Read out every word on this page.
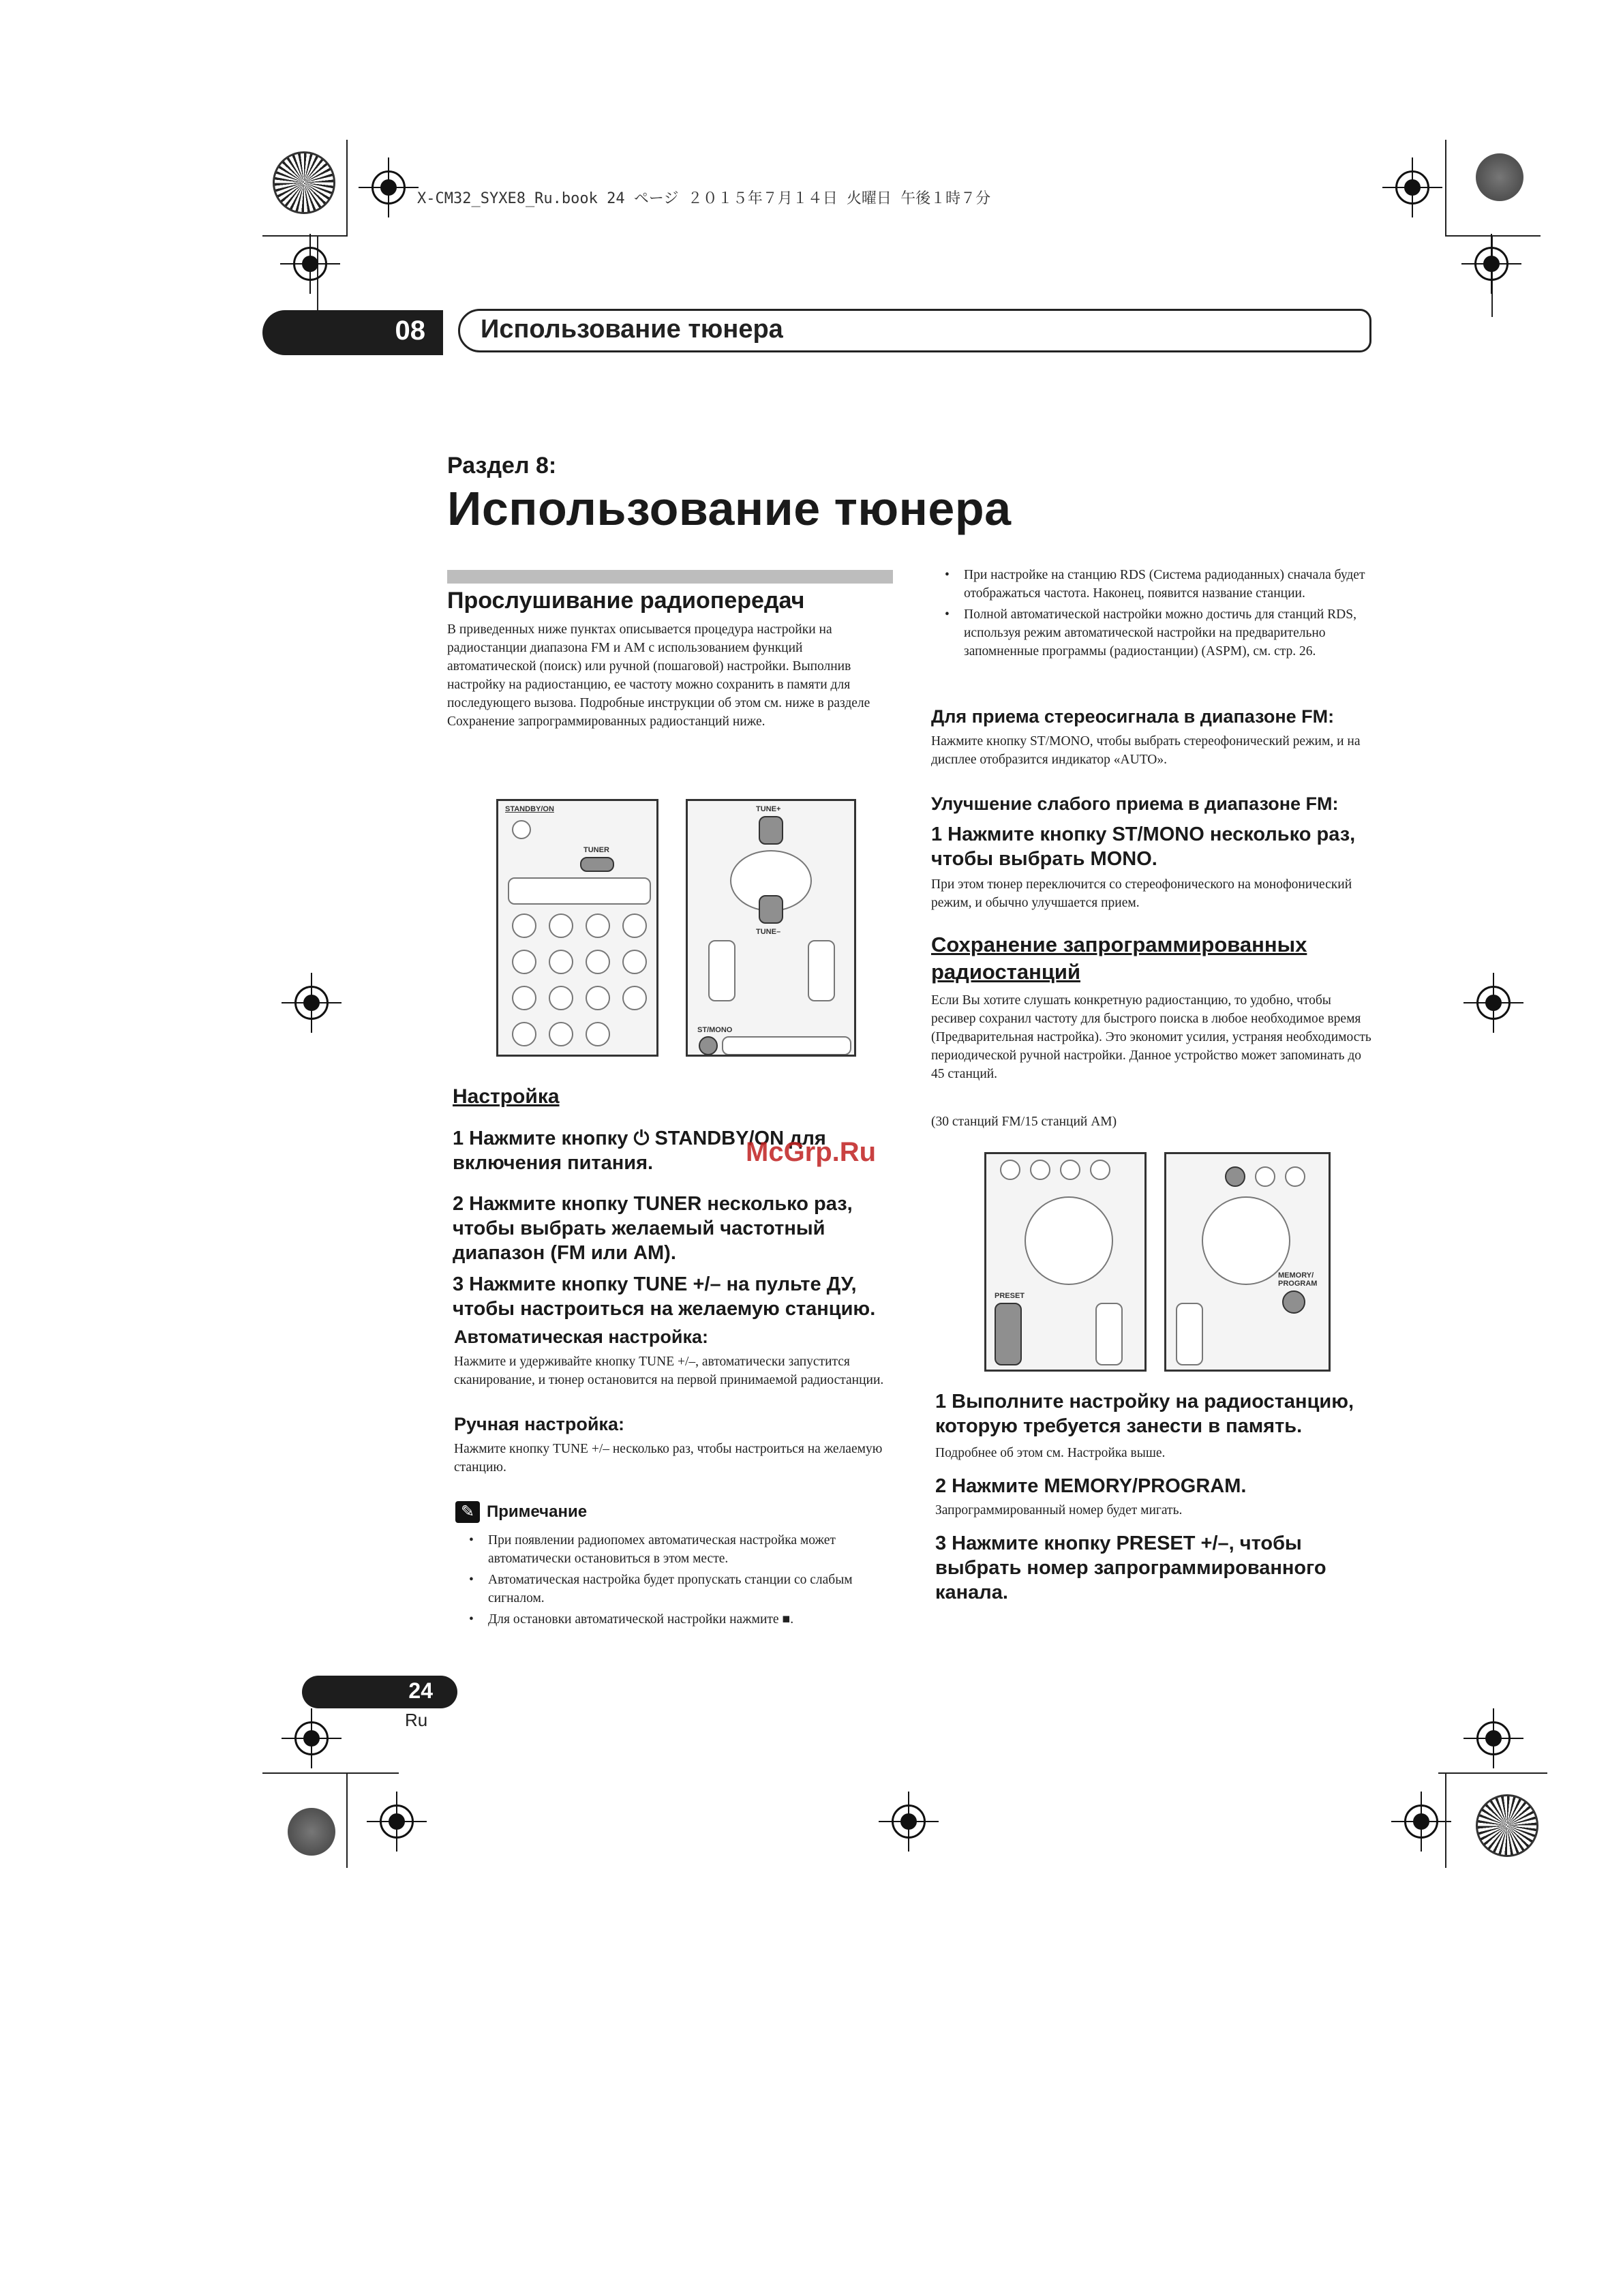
X-CM32_SYXE8_Ru.book 24 ページ ２０１５年７月１４日 火曜日 午後１時７分
08 Использование тюнера
Раздел 8:
Использование тюнера
Прослушивание радиопередач
В приведенных ниже пунктах описывается процедура настройки на радиостанции диапазона FM и AM с использованием функций автоматической (поиск) или ручной (пошаговой) настройки. Выполнив настройку на радиостанцию, ее частоту можно сохранить в памяти для последующего вызова. Подробные инструкции об этом см. ниже в разделе Сохранение запрограммированных радиостанций ниже.
STANDBY/ON
TUNER
TUNE+
TUNE–
ST/MONO
Настройка
1 Нажмите кнопку ⏻ STANDBY/ON для включения питания.
2 Нажмите кнопку TUNER несколько раз, чтобы выбрать желаемый частотный диапазон (FM или AM).
3 Нажмите кнопку TUNE +/– на пульте ДУ, чтобы настроиться на желаемую станцию.
Автоматическая настройка:
Нажмите и удерживайте кнопку TUNE +/–, автоматически запустится сканирование, и тюнер остановится на первой принимаемой радиостанции.
Ручная настройка:
Нажмите кнопку TUNE +/– несколько раз, чтобы настроиться на желаемую станцию.
✎ Примечание
• При появлении радиопомех автоматическая настройка может автоматически остановиться в этом месте.
• Автоматическая настройка будет пропускать станции со слабым сигналом.
• Для остановки автоматической настройки нажмите ■.
• При настройке на станцию RDS (Система радиоданных) сначала будет отображаться частота. Наконец, появится название станции.
• Полной автоматической настройки можно достичь для станций RDS, используя режим автоматической настройки на предварительно запомненные программы (радиостанции) (ASPM), см. стр. 26.
Для приема стереосигнала в диапазоне FM:
Нажмите кнопку ST/MONO, чтобы выбрать стереофонический режим, и на дисплее отобразится индикатор «AUTO».
Улучшение слабого приема в диапазоне FM:
1 Нажмите кнопку ST/MONO несколько раз, чтобы выбрать MONO.
При этом тюнер переключится со стереофонического на монофонический режим, и обычно улучшается прием.
Сохранение запрограммированных радиостанций
Если Вы хотите слушать конкретную радиостанцию, то удобно, чтобы ресивер сохранил частоту для быстрого поиска в любое необходимое время (Предварительная настройка). Это экономит усилия, устраняя необходимость периодической ручной настройки. Данное устройство может запоминать до 45 станций.
(30 станций FM/15 станций AM)
PRESET
MEMORY/ PROGRAM
1 Выполните настройку на радиостанцию, которую требуется занести в память.
Подробнее об этом см. Настройка выше.
2 Нажмите MEMORY/PROGRAM.
Запрограммированный номер будет мигать.
3 Нажмите кнопку PRESET +/–, чтобы выбрать номер запрограммированного канала.
McGrp.Ru
24
Ru
